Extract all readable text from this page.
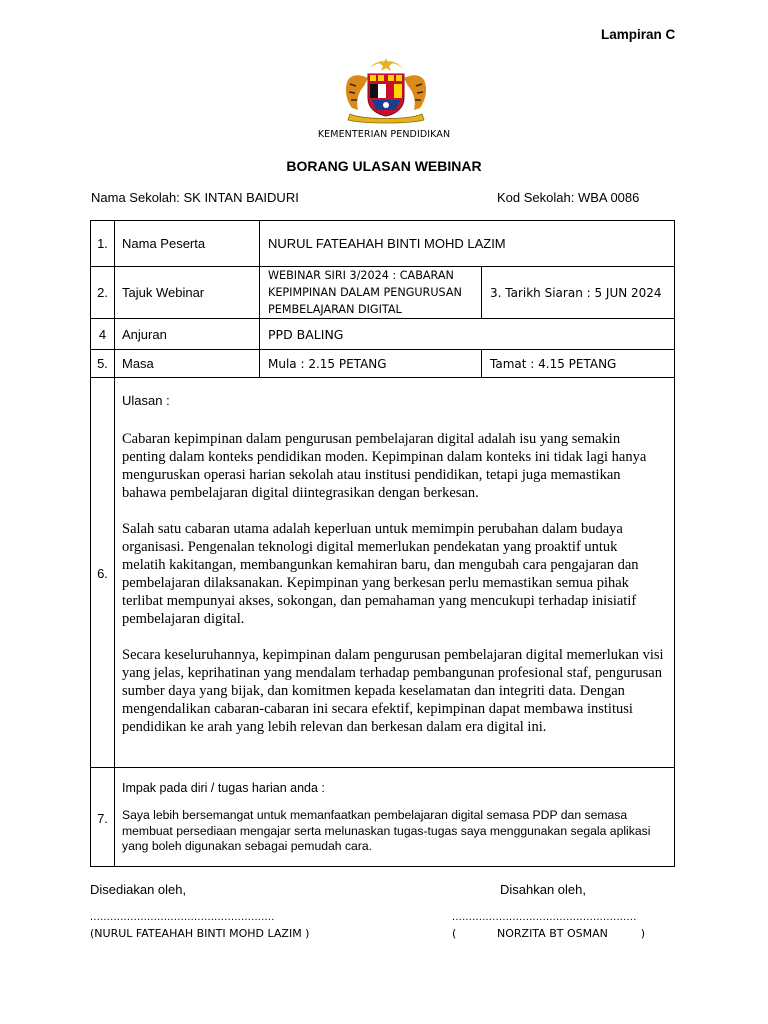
Lampiran C
KEMENTERIAN PENDIDIKAN
BORANG ULASAN WEBINAR
Nama Sekolah: SK INTAN BAIDURI	Kod Sekolah: WBA 0086
1.	Nama Peserta	NURUL FATEAHAH BINTI MOHD LAZIM	
2.	Tajuk Webinar	WEBINAR SIRI 3/2024 : CABARAN KEPIMPINAN DALAM PENGURUSAN PEMBELAJARAN DIGITAL	3. Tarikh Siaran : 5 JUN 2024
4	Anjuran	PPD BALING	
5.	Masa	Mula : 2.15 PETANG	Tamat : 4.15 PETANG
6.	Ulasan :

Cabaran kepimpinan dalam pengurusan pembelajaran digital adalah isu yang semakin penting dalam konteks pendidikan moden. Kepimpinan dalam konteks ini tidak lagi hanya menguruskan operasi harian sekolah atau institusi pendidikan, tetapi juga memastikan bahawa pembelajaran digital diintegrasikan dengan berkesan.

Salah satu cabaran utama adalah keperluan untuk memimpin perubahan dalam budaya organisasi. Pengenalan teknologi digital memerlukan pendekatan yang proaktif untuk melatih kakitangan, membangunkan kemahiran baru, dan mengubah cara pengajaran dan pembelajaran dilaksanakan. Kepimpinan yang berkesan perlu memastikan semua pihak terlibat mempunyai akses, sokongan, dan pemahaman yang mencukupi terhadap inisiatif pembelajaran digital.

Secara keseluruhannya, kepimpinan dalam pengurusan pembelajaran digital memerlukan visi yang jelas, keprihatinan yang mendalam terhadap pembangunan profesional staf, pengurusan sumber daya yang bijak, dan komitmen kepada keselamatan dan integriti data. Dengan mengendalikan cabaran-cabaran ini secara efektif, kepimpinan dapat membawa institusi pendidikan ke arah yang lebih relevan dan berkesan dalam era digital ini.		

7.	Impak pada diri / tugas harian anda :
Saya lebih bersemangat untuk memanfaatkan pembelajaran digital semasa PDP dan semasa membuat persediaan mengajar serta melunaskan tugas-tugas saya menggunakan segala aplikasi yang boleh digunakan sebagai pemudah cara.		
Disediakan oleh,	Disahkan oleh,
.......................................................	.......................................................
(NURUL FATEAHAH BINTI MOHD LAZIM )	(	NORZITA BT OSMAN	)
